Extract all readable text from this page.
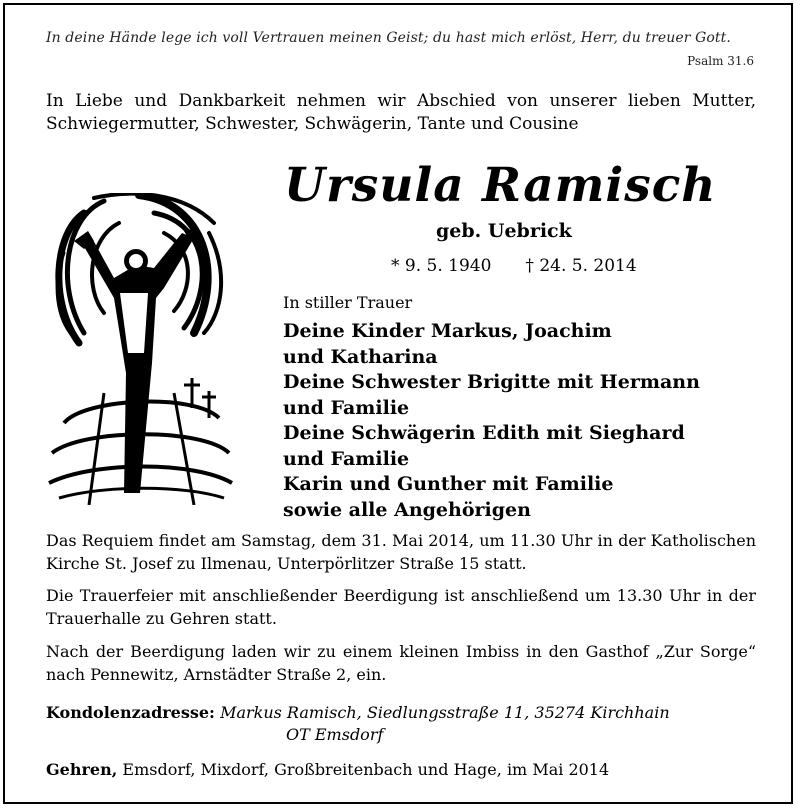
In deine Hände lege ich voll Vertrauen meinen Geist; du hast mich erlöst, Herr, du treuer Gott.
Psalm 31.6
In Liebe und Dankbarkeit nehmen wir Abschied von unserer lieben Mutter,
Schwiegermutter, Schwester, Schwägerin, Tante und Cousine
Ursula Ramisch
geb. Uebrick
* 9. 5. 1940 † 24. 5. 2014
In stiller Trauer
Deine Kinder Markus, Joachim
und Katharina
Deine Schwester Brigitte mit Hermann
und Familie
Deine Schwägerin Edith mit Sieghard
und Familie
Karin und Gunther mit Familie
sowie alle Angehörigen
Das Requiem findet am Samstag, dem 31. Mai 2014, um 11.30 Uhr in der Katholischen Kirche St. Josef zu Ilmenau, Unterpörlitzer Straße 15 statt.
Die Trauerfeier mit anschließender Beerdigung ist anschließend um 13.30 Uhr in der Trauerhalle zu Gehren statt.
Nach der Beerdigung laden wir zu einem kleinen Imbiss in den Gasthof „Zur Sorge“ nach Pennewitz, Arnstädter Straße 2, ein.
Kondolenzadresse: Markus Ramisch, Siedlungsstraße 11, 35274 Kirchhain
OT Emsdorf
Gehren, Emsdorf, Mixdorf, Großbreitenbach und Hage, im Mai 2014
